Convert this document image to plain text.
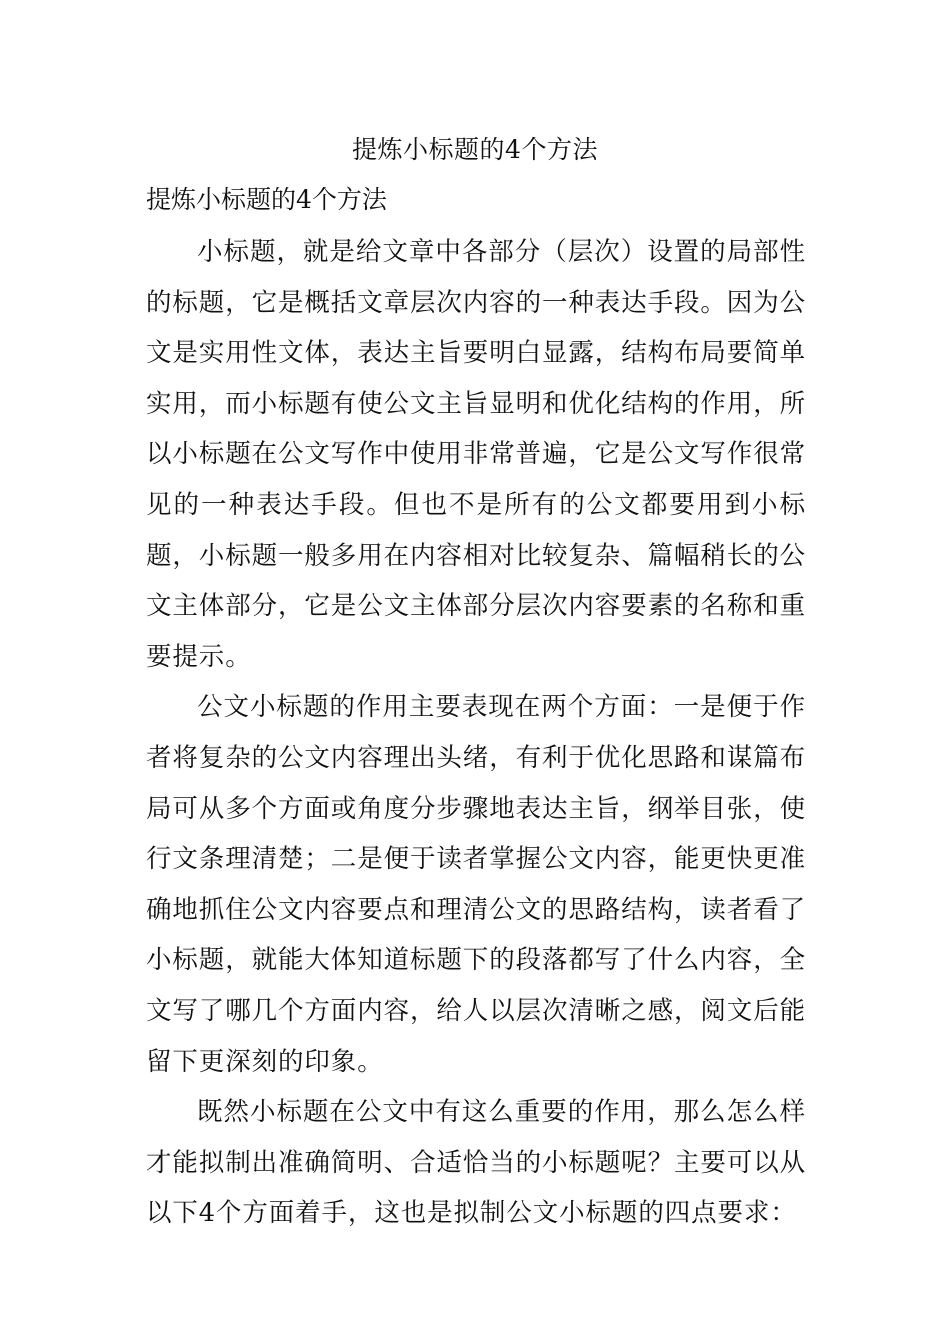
提炼小标题的4个方法
提炼小标题的4个方法

小标题，就是给文章中各部分（层次）设置的局部性的标题，它是概括文章层次内容的一种表达手段。因为公文是实用性文体，表达主旨要明白显露，结构布局要简单实用，而小标题有使公文主旨显明和优化结构的作用，所以小标题在公文写作中使用非常普遍，它是公文写作很常见的一种表达手段。但也不是所有的公文都要用到小标题，小标题一般多用在内容相对比较复杂、篇幅稍长的公文主体部分，它是公文主体部分层次内容要素的名称和重要提示。

公文小标题的作用主要表现在两个方面：一是便于作者将复杂的公文内容理出头绪，有利于优化思路和谋篇布局可从多个方面或角度分步骤地表达主旨，纲举目张，使行文条理清楚；二是便于读者掌握公文内容，能更快更准确地抓住公文内容要点和理清公文的思路结构，读者看了小标题，就能大体知道标题下的段落都写了什么内容，全文写了哪几个方面内容，给人以层次清晰之感，阅文后能留下更深刻的印象。

既然小标题在公文中有这么重要的作用，那么怎么样才能拟制出准确简明、合适恰当的小标题呢？主要可以从以下4个方面着手，这也是拟制公文小标题的四点要求：
